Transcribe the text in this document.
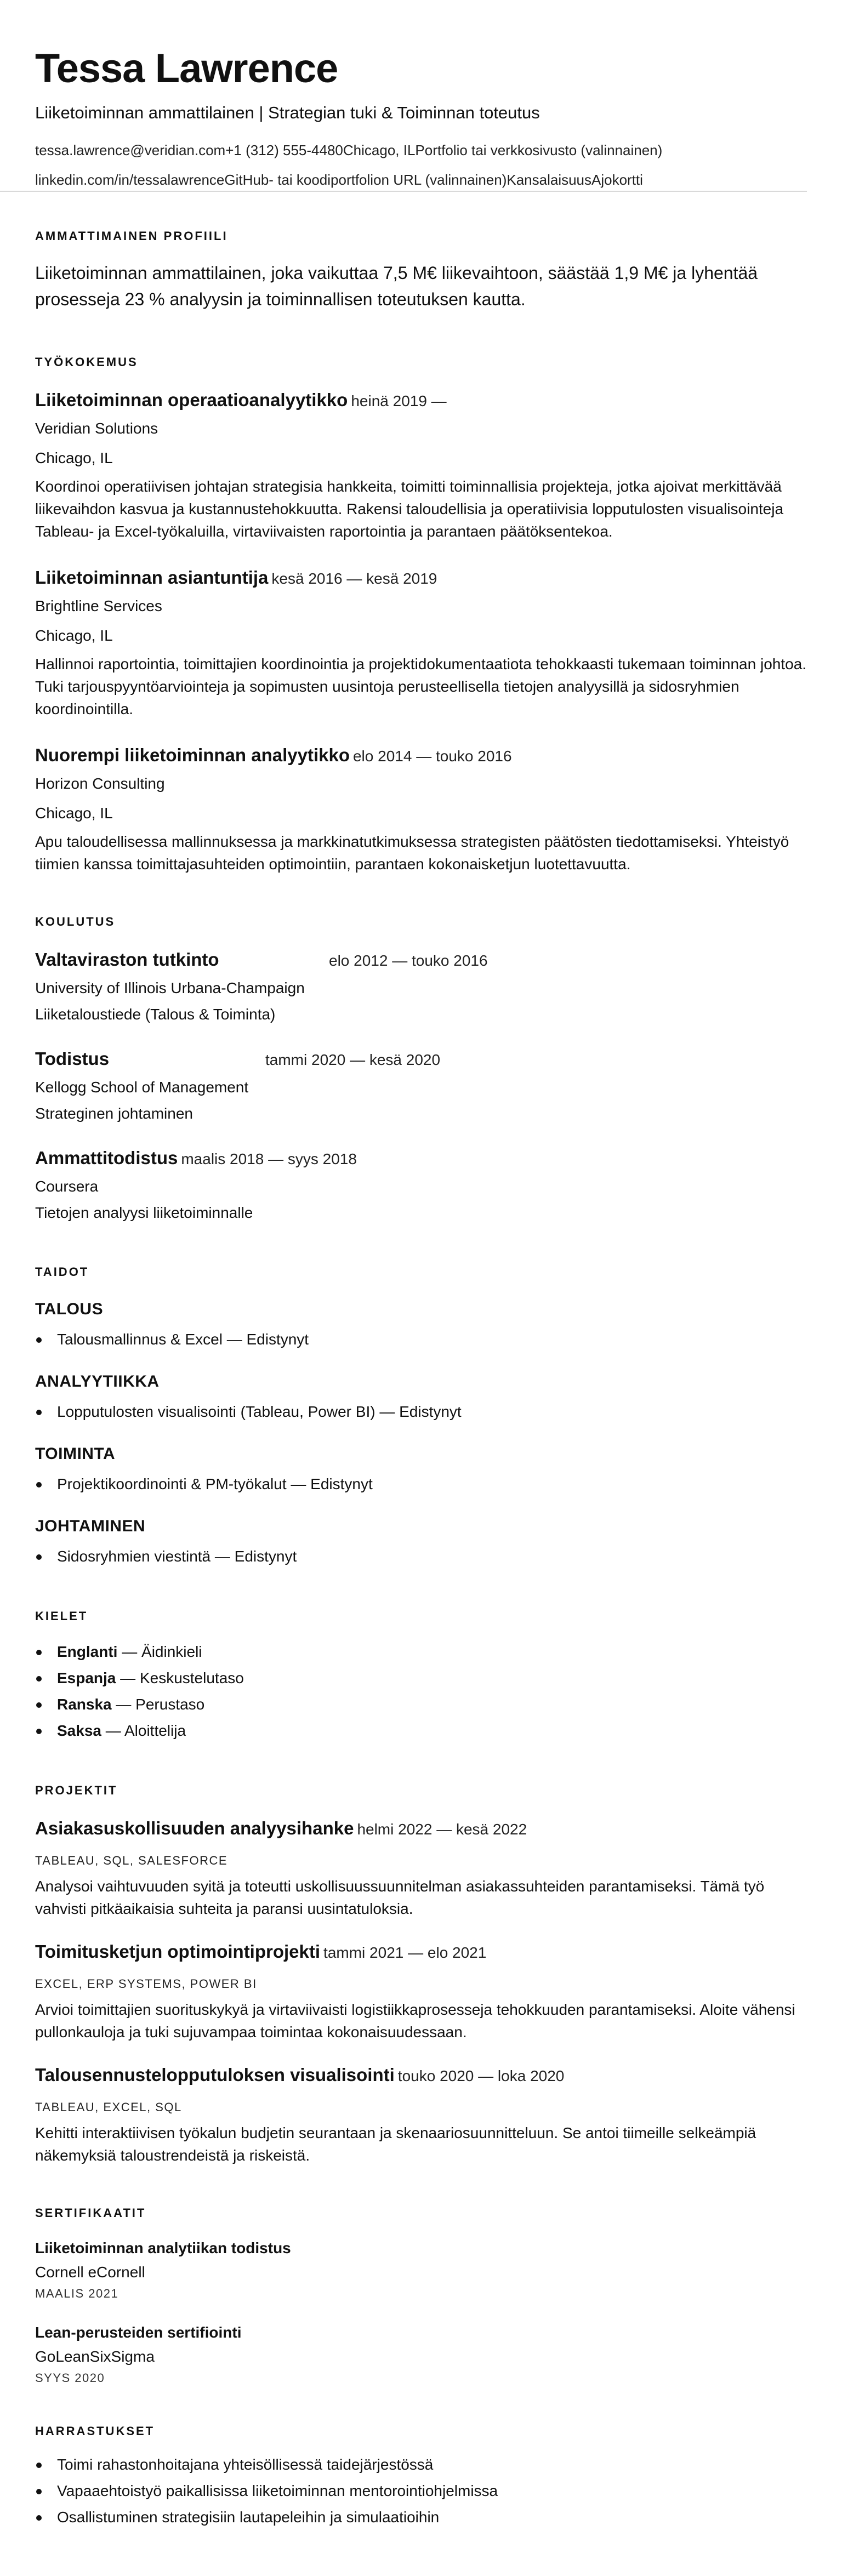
Tessa Lawrence
Liiketoiminnan ammattilainen | Strategian tuki & Toiminnan toteutus
tessa.lawrence@veridian.com+1 (312) 555-4480Chicago, ILPortfolio tai verkkosivusto (valinnainen)
linkedin.com/in/tessalawrenceGitHub- tai koodiportfolion URL (valinnainen)KansalaisuusAjokortti
AMMATTIMAINEN PROFIILI

Liiketoiminnan ammattilainen, joka vaikuttaa 7,5 M€ liikevaihtoon, säästää 1,9 M€ ja lyhentää prosesseja 23 % analyysin ja toiminnallisen toteutuksen kautta.

TYÖKOKEMUS
Liiketoiminnan operaatioanalyytikko heinä 2019 —
Veridian Solutions
Chicago, IL

Koordinoi operatiivisen johtajan strategisia hankkeita, toimitti toiminnallisia projekteja, jotka ajoivat merkittävää liikevaihdon kasvua ja kustannustehokkuutta. Rakensi taloudellisia ja operatiivisia lopputulosten visualisointeja Tableau- ja Excel-työkaluilla, virtaviivaisten raportointia ja parantaen päätöksentekoa.

Liiketoiminnan asiantuntija kesä 2016 — kesä 2019
Brightline Services
Chicago, IL

Hallinnoi raportointia, toimittajien koordinointia ja projektidokumentaatiota tehokkaasti tukemaan toiminnan johtoa. Tuki tarjouspyyntöarviointeja ja sopimusten uusintoja perusteellisella tietojen analyysillä ja sidosryhmien koordinointilla.

Nuorempi liiketoiminnan analyytikko elo 2014 — touko 2016
Horizon Consulting
Chicago, IL

Apu taloudellisessa mallinnuksessa ja markkinatutkimuksessa strategisten päätösten tiedottamiseksi. Yhteistyö tiimien kanssa toimittajasuhteiden optimointiin, parantaen kokonaisketjun luotettavuutta.

KOULUTUS
Valtaviraston tutkinto	elo 2012 — touko 2016
University of Illinois Urbana-Champaign
Liiketaloustiede (Talous & Toiminta)
Todistus	tammi 2020 — kesä 2020
Kellogg School of Management
Strateginen johtaminen
Ammattitodistus maalis 2018 — syys 2018
Coursera
Tietojen analyysi liiketoiminnalle
TAIDOT
TALOUS
Talousmallinnus & Excel — Edistynyt
ANALYYTIIKKA
Lopputulosten visualisointi (Tableau, Power BI) — Edistynyt
TOIMINTA
Projektikoordinointi & PM-työkalut — Edistynyt
JOHTAMINEN
Sidosryhmien viestintä — Edistynyt
KIELET
Englanti — Äidinkieli
Espanja — Keskustelutaso
Ranska — Perustaso
Saksa — Aloittelija
PROJEKTIT
Asiakasuskollisuuden analyysihanke helmi 2022 — kesä 2022
TABLEAU, SQL, SALESFORCE

Analysoi vaihtuvuuden syitä ja toteutti uskollisuussuunnitelman asiakassuhteiden parantamiseksi. Tämä työ vahvisti pitkäaikaisia suhteita ja paransi uusintatuloksia.

Toimitusketjun optimointiprojekti tammi 2021 — elo 2021
EXCEL, ERP SYSTEMS, POWER BI

Arvioi toimittajien suorituskykyä ja virtaviivaisti logistiikkaprosesseja tehokkuuden parantamiseksi. Aloite vähensi pullonkauloja ja tuki sujuvampaa toimintaa kokonaisuudessaan.

Talousennustelopputuloksen visualisointi touko 2020 — loka 2020
TABLEAU, EXCEL, SQL

Kehitti interaktiivisen työkalun budjetin seurantaan ja skenaariosuunnitteluun. Se antoi tiimeille selkeämpiä näkemyksiä taloustrendeistä ja riskeistä.

SERTIFIKAATIT
Liiketoiminnan analytiikan todistus
Cornell eCornell
MAALIS 2021
Lean-perusteiden sertifiointi
GoLeanSixSigma
SYYS 2020
HARRASTUKSET
Toimi rahastonhoitajana yhteisöllisessä taidejärjestössä
Vapaaehtoistyö paikallisissa liiketoiminnan mentorointiohjelmissa
Osallistuminen strategisiin lautapeleihin ja simulaatioihin
